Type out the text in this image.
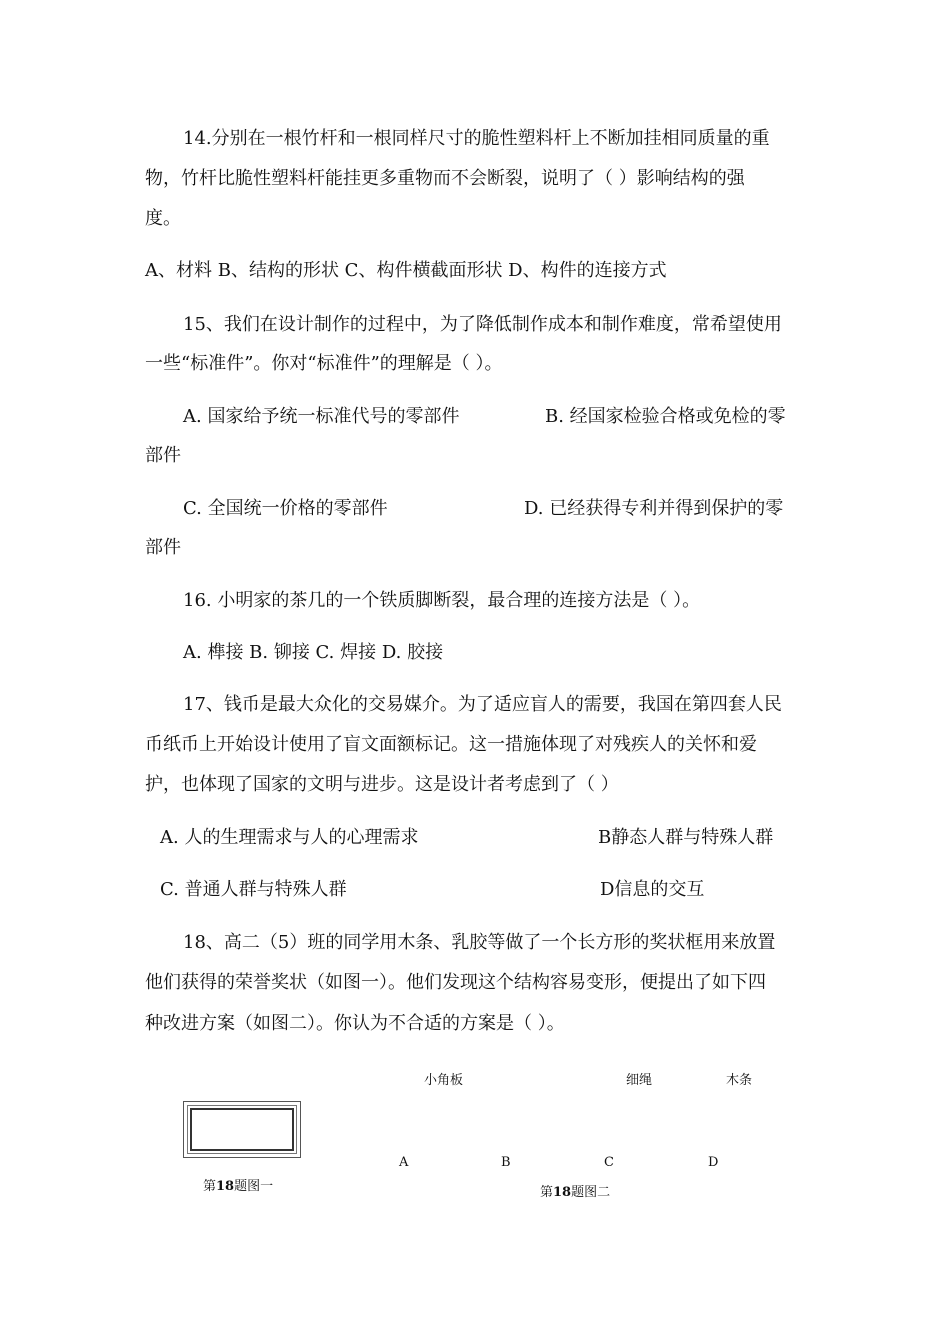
14.分别在一根竹杆和一根同样尺寸的脆性塑料杆上不断加挂相同质量的重
物，竹杆比脆性塑料杆能挂更多重物而不会断裂，说明了（ ）影响结构的强
度。
A、材料 B、结构的形状 C、构件横截面形状 D、构件的连接方式
15、我们在设计制作的过程中，为了降低制作成本和制作难度，常希望使用
一些“标准件”。你对“标准件”的理解是（ ）。
A. 国家给予统一标准代号的零部件	B. 经国家检验合格或免检的零
部件
C. 全国统一价格的零部件	D. 已经获得专利并得到保护的零
部件
16. 小明家的茶几的一个铁质脚断裂，最合理的连接方法是（ ）。
A. 榫接 B. 铆接 C. 焊接 D. 胶接
17、钱币是最大众化的交易媒介。为了适应盲人的需要，我国在第四套人民
币纸币上开始设计使用了盲文面额标记。这一措施体现了对残疾人的关怀和爱
护，也体现了国家的文明与进步。这是设计者考虑到了（ ）
A. 人的生理需求与人的心理需求	B静态人群与特殊人群
C. 普通人群与特殊人群	D信息的交互
18、高二（5）班的同学用木条、乳胶等做了一个长方形的奖状框用来放置
他们获得的荣誉奖状（如图一）。他们发现这个结构容易变形，便提出了如下四
种改进方案（如图二）。你认为不合适的方案是（ ）。
小角板	细绳	木条
A	B	C	D
第18题图一	第18题图二
